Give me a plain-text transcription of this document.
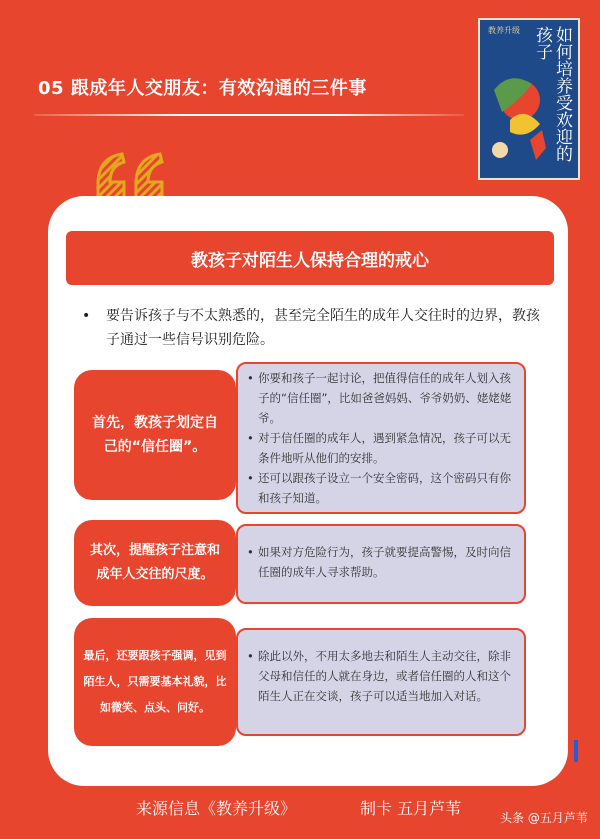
05 跟成年人交朋友：有效沟通的三件事
教养升级 如何培养受欢迎的孩子
教孩子对陌生人保持合理的戒心
•	要告诉孩子与不太熟悉的，甚至完全陌生的成年人交往时的边界，教孩子通过一些信号识别危险。
首先，教孩子划定自己的“信任圈”。
• 你要和孩子一起讨论，把值得信任的成年人划入孩子的“信任圈”，比如爸爸妈妈、爷爷奶奶、姥姥姥爷。
• 对于信任圈的成年人，遇到紧急情况，孩子可以无条件地听从他们的安排。
• 还可以跟孩子设立一个安全密码，这个密码只有你和孩子知道。
其次，提醒孩子注意和成年人交往的尺度。
• 如果对方危险行为，孩子就要提高警惕，及时向信任圈的成年人寻求帮助。
最后，还要跟孩子强调，见到陌生人，只需要基本礼貌，比如微笑、点头、问好。
• 除此以外，不用太多地去和陌生人主动交往，除非父母和信任的人就在身边，或者信任圈的人和这个陌生人正在交谈，孩子可以适当地加入对话。
来源信息《教养升级》	制卡 五月芦苇	头条 @五月芦苇
